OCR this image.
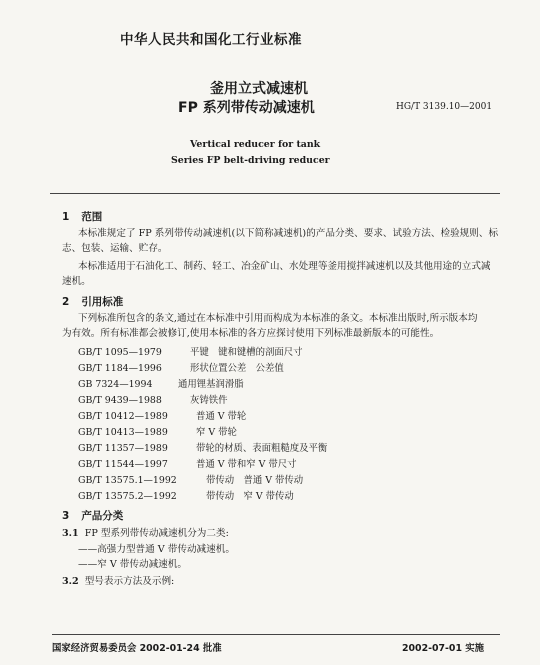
中华人民共和国化工行业标准
釜用立式减速机
FP 系列带传动减速机	HG/T 3139.10—2001
Vertical reducer for tank
Series FP belt-driving reducer
1 范围
本标准规定了 FP 系列带传动减速机(以下简称减速机)的产品分类、要求、试验方法、检验规则、标
志、包装、运输、贮存。
本标准适用于石油化工、制药、轻工、冶金矿山、水处理等釜用搅拌减速机以及其他用途的立式减
速机。
2 引用标准
下列标准所包含的条文,通过在本标准中引用而构成为本标准的条文。本标准出版时,所示版本均
为有效。所有标准都会被修订,使用本标准的各方应探讨使用下列标准最新版本的可能性。
GB/T 1095—1979	平键　键和键槽的剖面尺寸
GB/T 1184—1996	形状位置公差　公差值
GB 7324—1994	通用锂基润滑脂
GB/T 9439—1988	灰铸铁件
GB/T 10412—1989	普通 V 带轮
GB/T 10413—1989	窄 V 带轮
GB/T 11357—1989	带轮的材质、表面粗糙度及平衡
GB/T 11544—1997	普通 V 带和窄 V 带尺寸
GB/T 13575.1—1992	带传动　普通 V 带传动
GB/T 13575.2—1992	带传动　窄 V 带传动
3 产品分类
3.1 FP 型系列带传动减速机分为二类:
——高强力型普通 V 带传动减速机。
——窄 V 带传动减速机。
3.2 型号表示方法及示例:
国家经济贸易委员会 2002-01-24 批准	2002-07-01 实施
